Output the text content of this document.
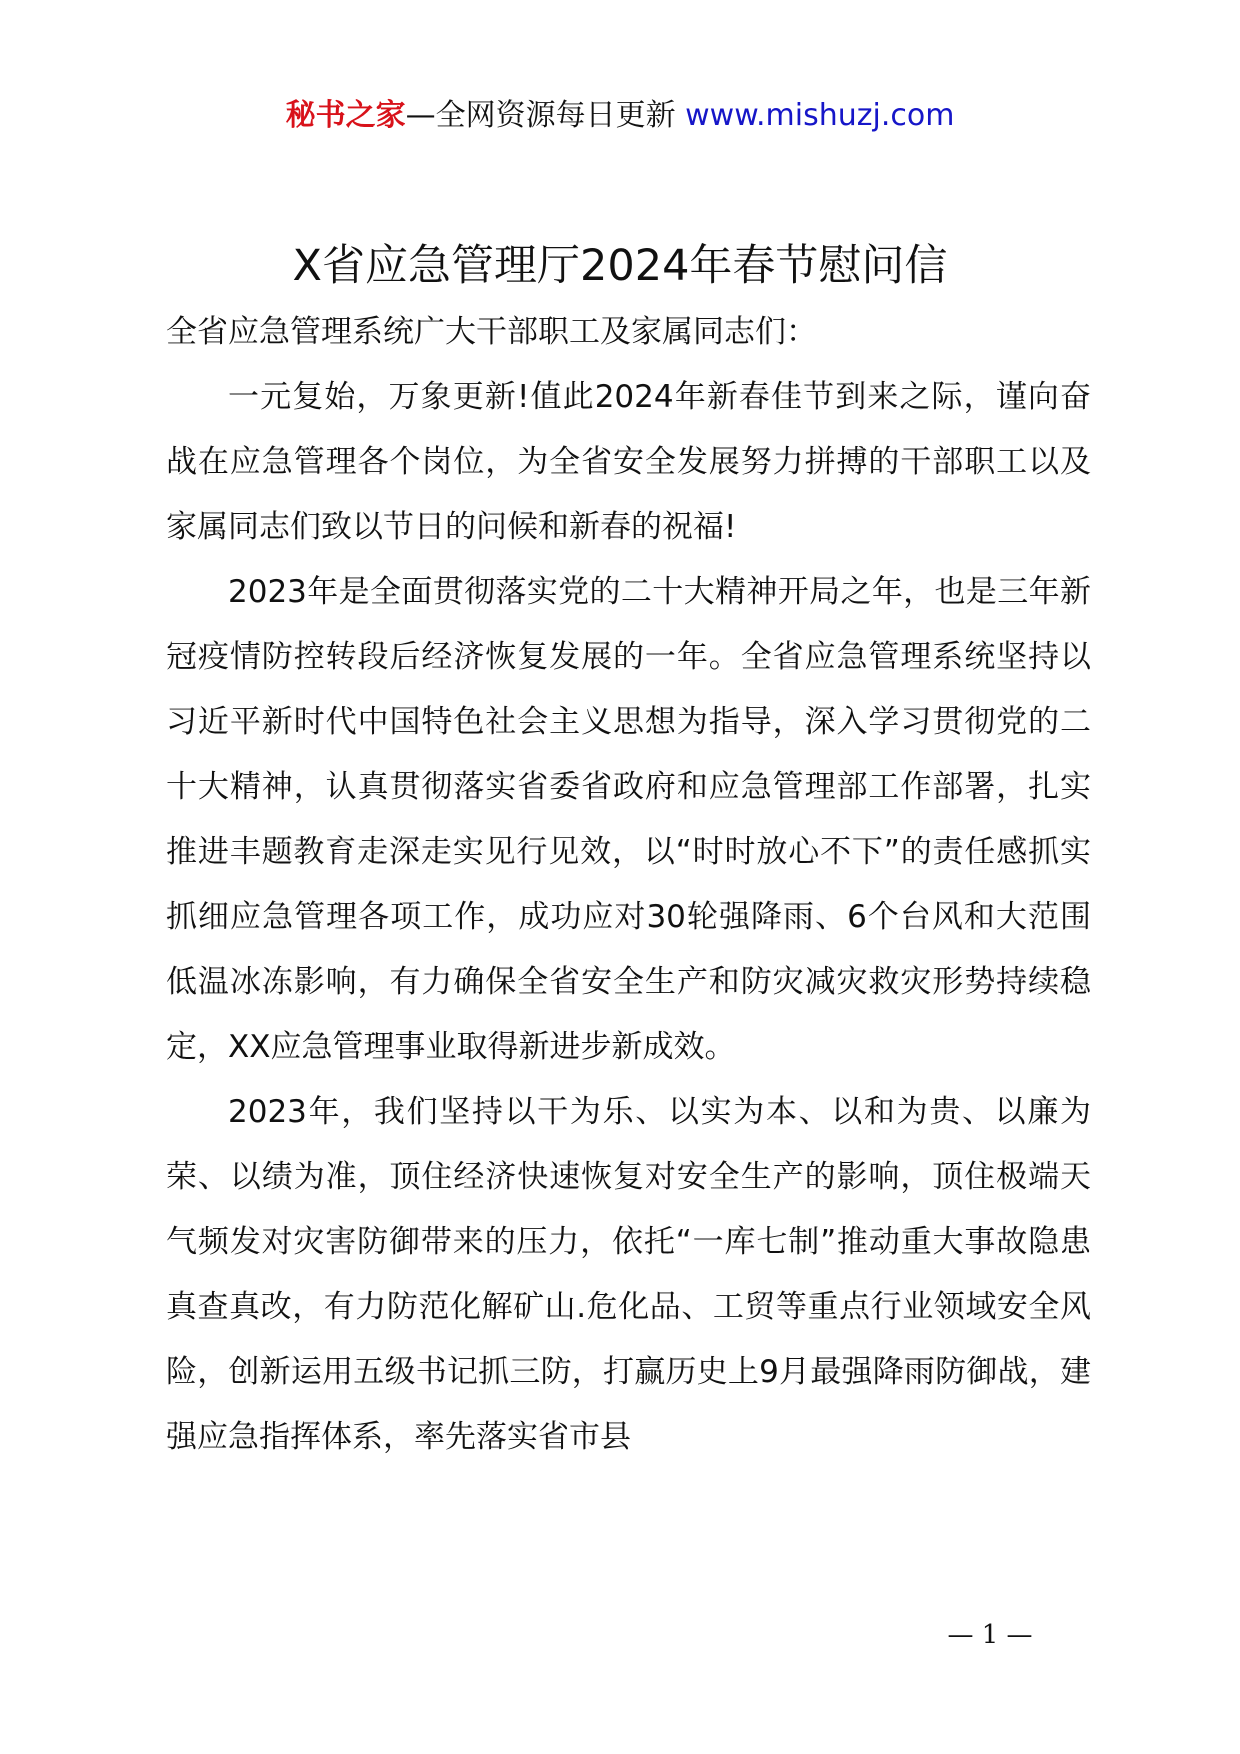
秘书之家—全网资源每日更新 www.mishuzj.com
X省应急管理厅2024年春节慰问信

全省应急管理系统广大干部职工及家属同志们：

一元复始，万象更新!值此2024年新春佳节到来之际，谨向奋战在应急管理各个岗位，为全省安全发展努力拼搏的干部职工以及家属同志们致以节日的问候和新春的祝福!

2023年是全面贯彻落实党的二十大精神开局之年，也是三年新冠疫情防控转段后经济恢复发展的一年。全省应急管理系统坚持以习近平新时代中国特色社会主义思想为指导，深入学习贯彻党的二十大精神，认真贯彻落实省委省政府和应急管理部工作部署，扎实推进丰题教育走深走实见行见效，以“时时放心不下”的责任感抓实抓细应急管理各项工作，成功应对30轮强降雨、6个台风和大范围低温冰冻影响，有力确保全省安全生产和防灾减灾救灾形势持续稳定，XX应急管理事业取得新进步新成效。

2023年，我们坚持以干为乐、以实为本、以和为贵、以廉为荣、以绩为准，顶住经济快速恢复对安全生产的影响，顶住极端天气频发对灾害防御带来的压力，依托“一库七制”推动重大事故隐患真查真改，有力防范化解矿山.危化品、工贸等重点行业领域安全风险，创新运用五级书记抓三防，打赢历史上9月最强降雨防御战，建强应急指挥体系，率先落实省市县

— 1 —
